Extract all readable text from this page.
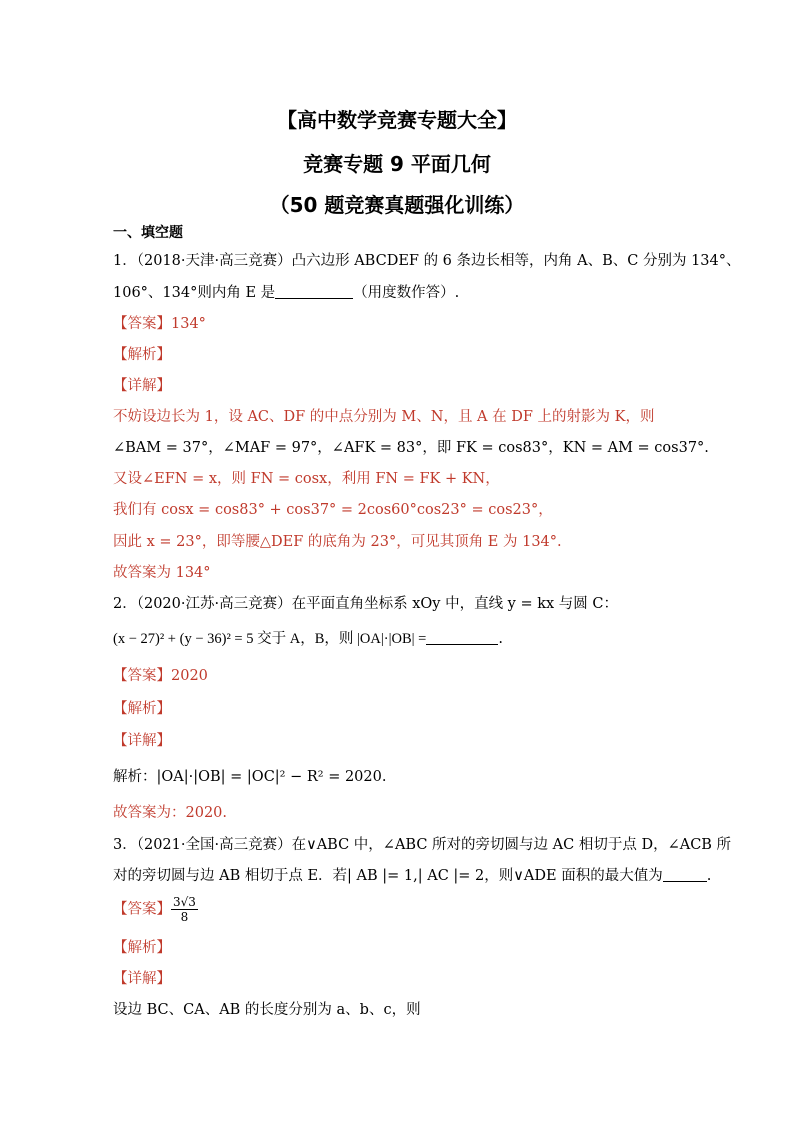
【高中数学竞赛专题大全】
竞赛专题 9 平面几何
（50 题竞赛真题强化训练）
一、填空题
1．（2018·天津·高三竞赛）凸六边形 ABCDEF 的 6 条边长相等，内角 A、B、C 分别为 134°、
106°、134°则内角 E 是	（用度数作答）.
【答案】134°
【解析】
【详解】
不妨设边长为 1，设 AC、DF 的中点分别为 M、N，且 A 在 DF 上的射影为 K，则
∠BAM = 37°，∠MAF = 97°，∠AFK = 83°，即 FK = cos83°，KN = AM = cos37°.
又设∠EFN = x，则 FN = cosx，利用 FN = FK + KN，
我们有 cosx = cos83° + cos37° = 2cos60°cos23° = cos23°，
因此 x = 23°，即等腰△DEF 的底角为 23°，可见其顶角 E 为 134°.
故答案为 134°
2．（2020·江苏·高三竞赛）在平面直角坐标系 xOy 中，直线 y = kx 与圆 C：
(x − 27)² + (y − 36)² = 5 交于 A，B，则 |OA|·|OB| =	.
【答案】2020
【解析】
【详解】
解析：|OA|·|OB| = |OC|² − R² = 2020.
故答案为：2020.
3．（2021·全国·高三竞赛）在∨ABC 中，∠ABC 所对的旁切圆与边 AC 相切于点 D，∠ACB 所
对的旁切圆与边 AB 相切于点 E．若| AB |= 1,| AC |= 2，则∨ADE 面积的最大值为	.
【答案】 $\frac{3√3}{8}$
【解析】
【详解】
设边 BC、CA、AB 的长度分别为 a、b、c，则
